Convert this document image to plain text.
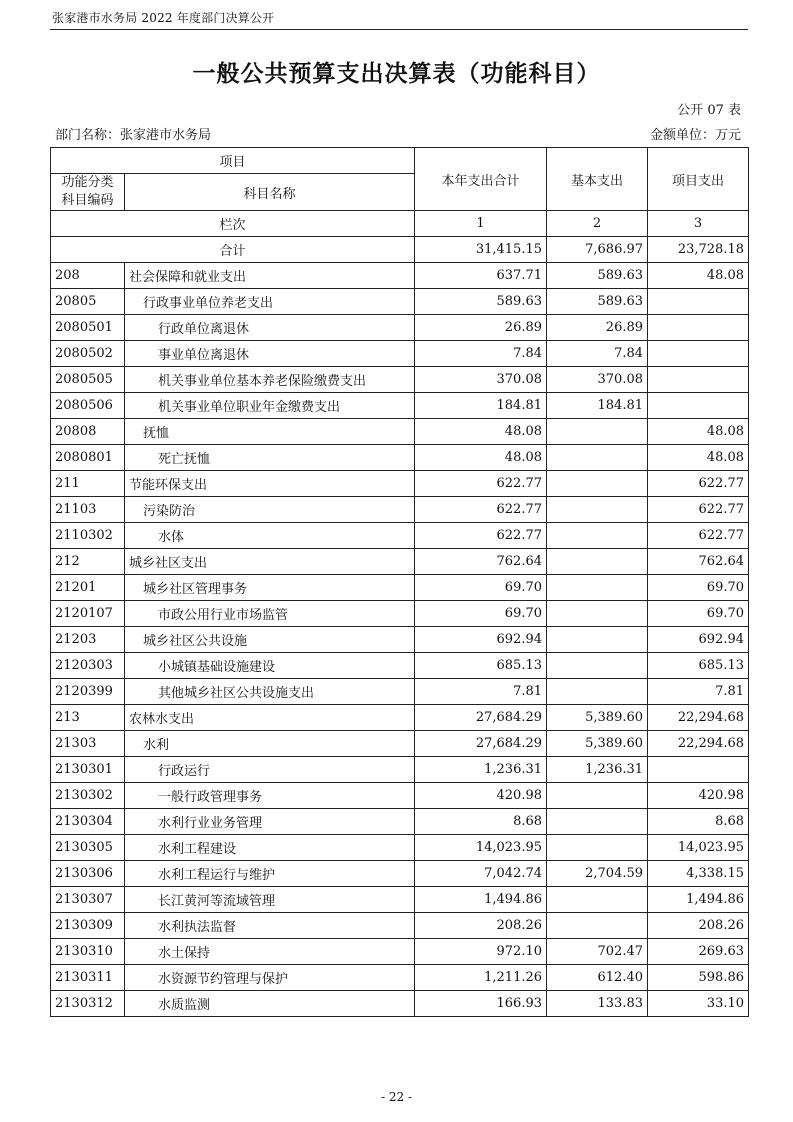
张家港市水务局 2022 年度部门决算公开
一般公共预算支出决算表（功能科目）
公开 07 表
部门名称：张家港市水务局	金额单位：万元
项目		本年支出合计	基本支出	项目支出
功能分类
科目编码	科目名称			
栏次		1	2	3
合计		31,415.15	7,686.97	23,728.18
208	社会保障和就业支出	637.71	589.63	48.08
20805	行政事业单位养老支出	589.63	589.63	
2080501	行政单位离退休	26.89	26.89	
2080502	事业单位离退休	7.84	7.84	
2080505	机关事业单位基本养老保险缴费支出	370.08	370.08	
2080506	机关事业单位职业年金缴费支出	184.81	184.81	
20808	抚恤	48.08		48.08
2080801	死亡抚恤	48.08		48.08
211	节能环保支出	622.77		622.77
21103	污染防治	622.77		622.77
2110302	水体	622.77		622.77
212	城乡社区支出	762.64		762.64
21201	城乡社区管理事务	69.70		69.70
2120107	市政公用行业市场监管	69.70		69.70
21203	城乡社区公共设施	692.94		692.94
2120303	小城镇基础设施建设	685.13		685.13
2120399	其他城乡社区公共设施支出	7.81		7.81
213	农林水支出	27,684.29	5,389.60	22,294.68
21303	水利	27,684.29	5,389.60	22,294.68
2130301	行政运行	1,236.31	1,236.31	
2130302	一般行政管理事务	420.98		420.98
2130304	水利行业业务管理	8.68		8.68
2130305	水利工程建设	14,023.95		14,023.95
2130306	水利工程运行与维护	7,042.74	2,704.59	4,338.15
2130307	长江黄河等流域管理	1,494.86		1,494.86
2130309	水利执法监督	208.26		208.26
2130310	水土保持	972.10	702.47	269.63
2130311	水资源节约管理与保护	1,211.26	612.40	598.86
2130312	水质监测	166.93	133.83	33.10
- 22 -
